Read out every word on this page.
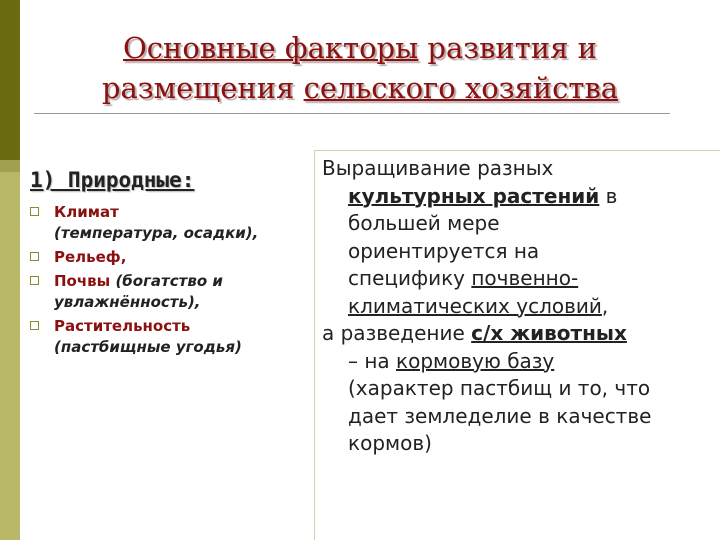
Основные факторы развития и
размещения сельского хозяйства
1) Природные:
Климат
(температура, осадки),
Рельеф,
Почвы (богатство и увлажнённость),
Растительность
(пастбищные угодья)
Выращивание разных
культурных растений в
большей мере
ориентируется на
специфику почвенно-
климатических условий,
а разведение с/х животных
– на кормовую базу
(характер пастбищ и то, что
дает земледелие в качестве
кормов)
